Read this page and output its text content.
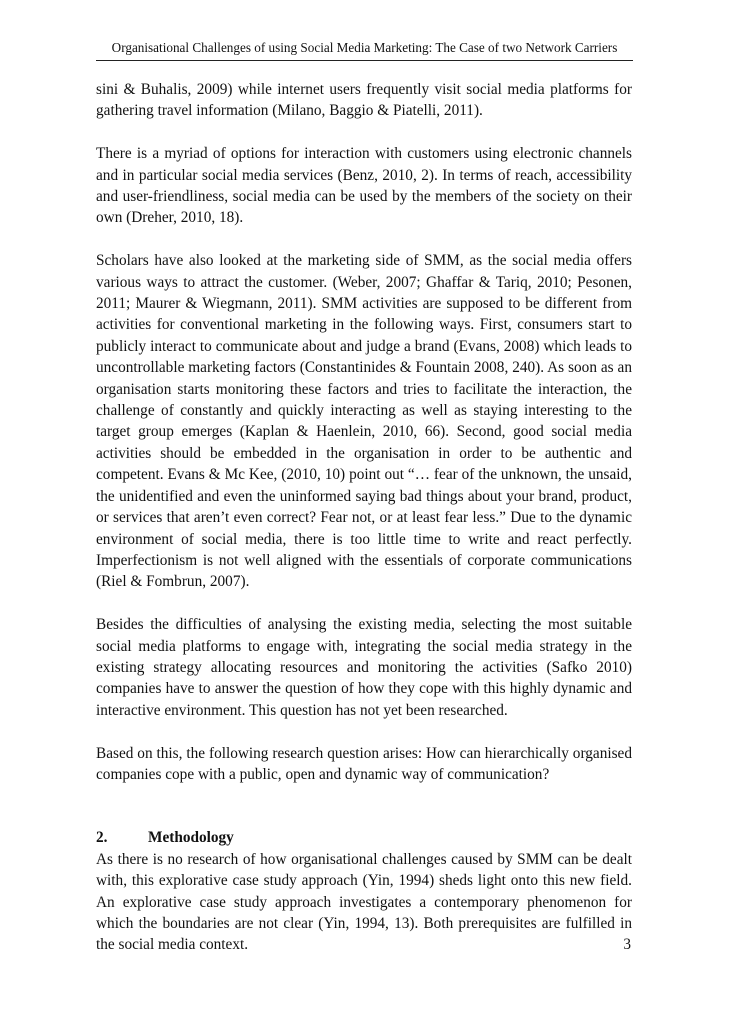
Organisational Challenges of using Social Media Marketing: The Case of two Network Carriers

sini & Buhalis, 2009) while internet users frequently visit social media platforms for gathering travel information (Milano, Baggio & Piatelli, 2011).

There is a myriad of options for interaction with customers using electronic channels and in particular social media services (Benz, 2010, 2). In terms of reach, accessibility and user-friendliness, social media can be used by the members of the society on their own (Dreher, 2010, 18).

Scholars have also looked at the marketing side of SMM, as the social media offers various ways to attract the customer. (Weber, 2007; Ghaffar & Tariq, 2010; Pesonen, 2011; Maurer & Wiegmann, 2011). SMM activities are supposed to be different from activities for conventional marketing in the following ways. First, consumers start to publicly interact to communicate about and judge a brand (Evans, 2008) which leads to uncontrollable marketing factors (Constantinides & Fountain 2008, 240). As soon as an organisation starts monitoring these factors and tries to facilitate the interaction, the challenge of constantly and quickly interacting as well as staying interesting to the target group emerges (Kaplan & Haenlein, 2010, 66). Second, good social media activities should be embedded in the organisation in order to be authentic and competent. Evans & Mc Kee, (2010, 10) point out “… fear of the unknown, the unsaid, the unidentified and even the uninformed saying bad things about your brand, product, or services that aren’t even correct? Fear not, or at least fear less.” Due to the dynamic environment of social media, there is too little time to write and react perfectly. Imperfectionism is not well aligned with the essentials of corporate communications (Riel & Fombrun, 2007).

Besides the difficulties of analysing the existing media, selecting the most suitable social media platforms to engage with, integrating the social media strategy in the existing strategy allocating resources and monitoring the activities (Safko 2010) companies have to answer the question of how they cope with this highly dynamic and interactive environment. This question has not yet been researched.

Based on this, the following research question arises: How can hierarchically organised companies cope with a public, open and dynamic way of communication?

2.	Methodology

As there is no research of how organisational challenges caused by SMM can be dealt with, this explorative case study approach (Yin, 1994) sheds light onto this new field. An explorative case study approach investigates a contemporary phenomenon for which the boundaries are not clear (Yin, 1994, 13). Both prerequisites are fulfilled in the social media context.	3
